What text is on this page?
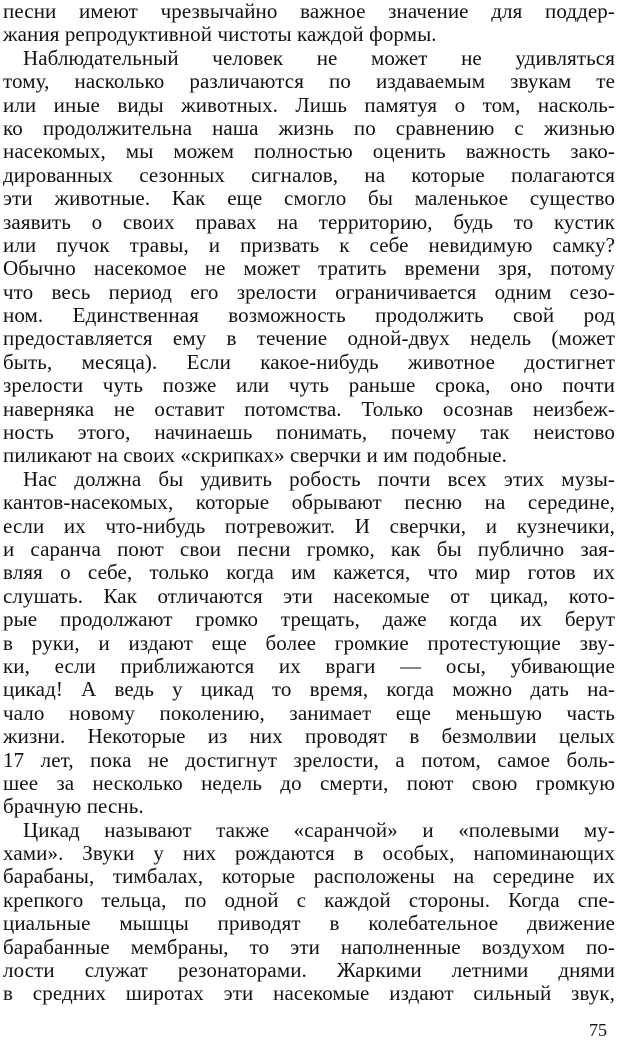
песни имеют чрезвычайно важное значение для поддер-
жания репродуктивной чистоты каждой формы.
Наблюдательный человек не может не удивляться
тому, насколько различаются по издаваемым звукам те
или иные виды животных. Лишь памятуя о том, насколь-
ко продолжительна наша жизнь по сравнению с жизнью
насекомых, мы можем полностью оценить важность зако-
дированных сезонных сигналов, на которые полагаются
эти животные. Как еще смогло бы маленькое существо
заявить о своих правах на территорию, будь то кустик
или пучок травы, и призвать к себе невидимую самку?
Обычно насекомое не может тратить времени зря, потому
что весь период его зрелости ограничивается одним сезо-
ном. Единственная возможность продолжить свой род
предоставляется ему в течение одной-двух недель (может
быть, месяца). Если какое-нибудь животное достигнет
зрелости чуть позже или чуть раньше срока, оно почти
наверняка не оставит потомства. Только осознав неизбеж-
ность этого, начинаешь понимать, почему так неистово
пиликают на своих «скрипках» сверчки и им подобные.
Нас должна бы удивить робость почти всех этих музы-
кантов-насекомых, которые обрывают песню на середине,
если их что-нибудь потревожит. И сверчки, и кузнечики,
и саранча поют свои песни громко, как бы публично зая-
вляя о себе, только когда им кажется, что мир готов их
слушать. Как отличаются эти насекомые от цикад, кото-
рые продолжают громко трещать, даже когда их берут
в руки, и издают еще более громкие протестующие зву-
ки, если приближаются их враги — осы, убивающие
цикад! А ведь у цикад то время, когда можно дать на-
чало новому поколению, занимает еще меньшую часть
жизни. Некоторые из них проводят в безмолвии целых
17 лет, пока не достигнут зрелости, а потом, самое боль-
шее за несколько недель до смерти, поют свою громкую
брачную песнь.
Цикад называют также «саранчой» и «полевыми му-
хами». Звуки у них рождаются в особых, напоминающих
барабаны, тимбалах, которые расположены на середине их
крепкого тельца, по одной с каждой стороны. Когда спе-
циальные мышцы приводят в колебательное движение
барабанные мембраны, то эти наполненные воздухом по-
лости служат резонаторами. Жаркими летними днями
в средних широтах эти насекомые издают сильный звук,
75
